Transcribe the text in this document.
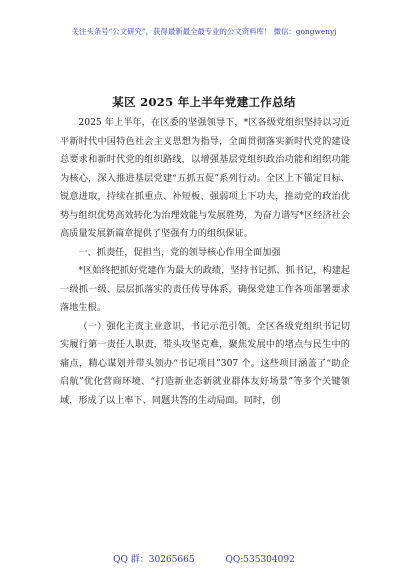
关注头条号“公文研究”，获得最新最全最专业的公文资料库！ 微信：gongwenyj
某区 2025 年上半年党建工作总结

2025 年上半年，在区委的坚强领导下，*区各级党组织坚持以习近平新时代中国特色社会主义思想为指导，全面贯彻落实新时代党的建设总要求和新时代党的组织路线，以增强基层党组织政治功能和组织功能为核心，深入推进基层党建“五抓五促”系列行动。全区上下锚定目标、锐意进取，持续在抓重点、补短板、强弱项上下功夫，推动党的政治优势与组织优势高效转化为治理效能与发展胜势，为奋力谱写*区经济社会高质量发展新篇章提供了坚强有力的组织保证。

一、抓责任，促担当，党的领导核心作用全面加强

*区始终把抓好党建作为最大的政绩，坚持书记抓、抓书记，构建起一级抓一级、层层抓落实的责任传导体系，确保党建工作各项部署要求落地生根。

（一）强化主责主业意识，书记示范引领。全区各级党组织书记切实履行第一责任人职责，带头攻坚克难，聚焦发展中的堵点与民生中的痛点，精心谋划并带头领办“书记项目”307 个。这些项目涵盖了“助企启航”优化营商环境、“打造新业态新就业群体友好场景”等多个关键领域，形成了以上率下、同题共答的生动局面。同时，创

QQ 群：30265665	QQ:535304092
